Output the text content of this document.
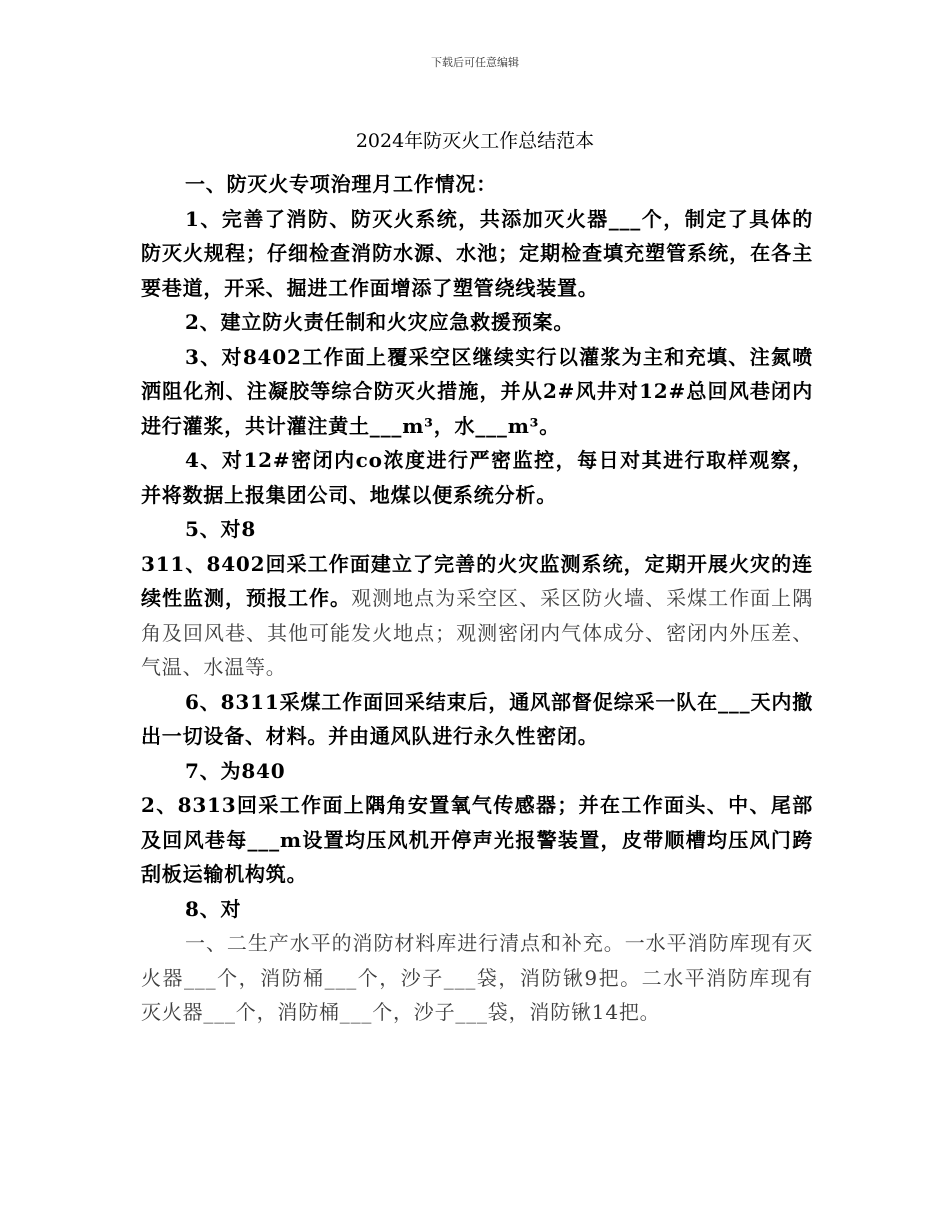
下载后可任意编辑
2024年防灭火工作总结范本

一、防灭火专项治理月工作情况：

1、完善了消防、防灭火系统，共添加灭火器___个，制定了具体的防灭火规程；仔细检查消防水源、水池；定期检查填充塑管系统，在各主要巷道，开采、掘进工作面增添了塑管绕线装置。

2、建立防火责任制和火灾应急救援预案。

3、对8402工作面上覆采空区继续实行以灌浆为主和充填、注氮喷洒阻化剂、注凝胶等综合防灭火措施，并从2#风井对12#总回风巷闭内进行灌浆，共计灌注黄土___m³，水___m³。

4、对12#密闭内co浓度进行严密监控，每日对其进行取样观察，并将数据上报集团公司、地煤以便系统分析。

5、对8

311、8402回采工作面建立了完善的火灾监测系统，定期开展火灾的连续性监测，预报工作。观测地点为采空区、采区防火墙、采煤工作面上隅角及回风巷、其他可能发火地点；观测密闭内气体成分、密闭内外压差、气温、水温等。

6、8311采煤工作面回采结束后，通风部督促综采一队在___天内撤出一切设备、材料。并由通风队进行永久性密闭。

7、为840

2、8313回采工作面上隅角安置氧气传感器；并在工作面头、中、尾部及回风巷每___m设置均压风机开停声光报警装置，皮带顺槽均压风门跨刮板运输机构筑。

8、对

一、二生产水平的消防材料库进行清点和补充。一水平消防库现有灭火器___个，消防桶___个，沙子___袋，消防锹9把。二水平消防库现有灭火器___个，消防桶___个，沙子___袋，消防锹14把。
